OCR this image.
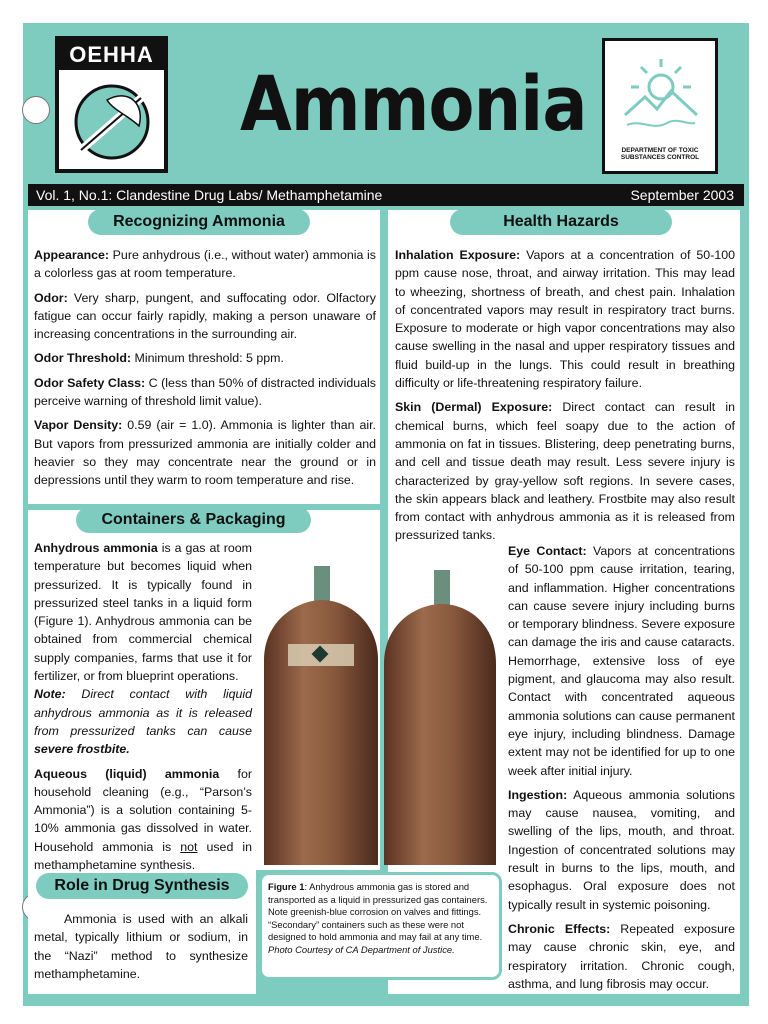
OEHHA
Ammonia
DEPARTMENT OF TOXIC SUBSTANCES CONTROL
Vol. 1, No.1: Clandestine Drug Labs/ Methamphetamine	September 2003
Recognizing Ammonia

Appearance: Pure anhydrous (i.e., without water) ammonia is a colorless gas at room temperature.

Odor: Very sharp, pungent, and suffocating odor. Olfactory fatigue can occur fairly rapidly, making a person unaware of increasing concentrations in the surrounding air.

Odor Threshold: Minimum threshold: 5 ppm.

Odor Safety Class: C (less than 50% of distracted individuals perceive warning of threshold limit value).

Vapor Density: 0.59 (air = 1.0). Ammonia is lighter than air. But vapors from pressurized ammonia are initially colder and heavier so they may concentrate near the ground or in depressions until they warm to room temperature and rise.

Containers & Packaging

Anhydrous ammonia is a gas at room temperature but becomes liquid when pressurized. It is typically found in pressurized steel tanks in a liquid form (Figure 1). Anhydrous ammonia can be obtained from commercial chemical supply companies, farms that use it for fertilizer, or from blueprint operations.

Note: Direct contact with liquid anhydrous ammonia as it is released from pressurized tanks can cause severe frostbite.

Aqueous (liquid) ammonia for household cleaning (e.g., “Parson’s Ammonia”) is a solution containing 5-10% ammonia gas dissolved in water. Household ammonia is not used in methamphetamine synthesis.

Role in Drug Synthesis
Ammonia is used with an alkali metal, typically lithium or sodium, in the “Nazi” method to synthesize methamphetamine.
Figure 1: Anhydrous ammonia gas is stored and transported as a liquid in pressurized gas containers. Note greenish-blue corrosion on valves and fittings. “Secondary” containers such as these were not designed to hold ammonia and may fail at any time.
Photo Courtesy of CA Department of Justice.
Health Hazards

Inhalation Exposure: Vapors at a concentration of 50-100 ppm cause nose, throat, and airway irritation. This may lead to wheezing, shortness of breath, and chest pain. Inhalation of concentrated vapors may result in respiratory tract burns. Exposure to moderate or high vapor concentrations may also cause swelling in the nasal and upper respiratory tissues and fluid build-up in the lungs. This could result in breathing difficulty or life-threatening respiratory failure.

Skin (Dermal) Exposure: Direct contact can result in chemical burns, which feel soapy due to the action of ammonia on fat in tissues. Blistering, deep penetrating burns, and cell and tissue death may result. Less severe injury is characterized by gray-yellow soft regions. In severe cases, the skin appears black and leathery. Frostbite may also result from contact with anhydrous ammonia as it is released from pressurized tanks.

Eye Contact: Vapors at concentrations of 50-100 ppm cause irritation, tearing, and inflammation. Higher concentrations can cause severe injury including burns or temporary blindness. Severe exposure can damage the iris and cause cataracts. Hemorrhage, extensive loss of eye pigment, and glaucoma may also result. Contact with concentrated aqueous ammonia solutions can cause permanent eye injury, including blindness. Damage extent may not be identified for up to one week after initial injury.

Ingestion: Aqueous ammonia solutions may cause nausea, vomiting, and swelling of the lips, mouth, and throat. Ingestion of concentrated solutions may result in burns to the lips, mouth, and esophagus. Oral exposure does not typically result in systemic poisoning.

Chronic Effects: Repeated exposure may cause chronic skin, eye, and respiratory irritation. Chronic cough, asthma, and lung fibrosis may occur.
